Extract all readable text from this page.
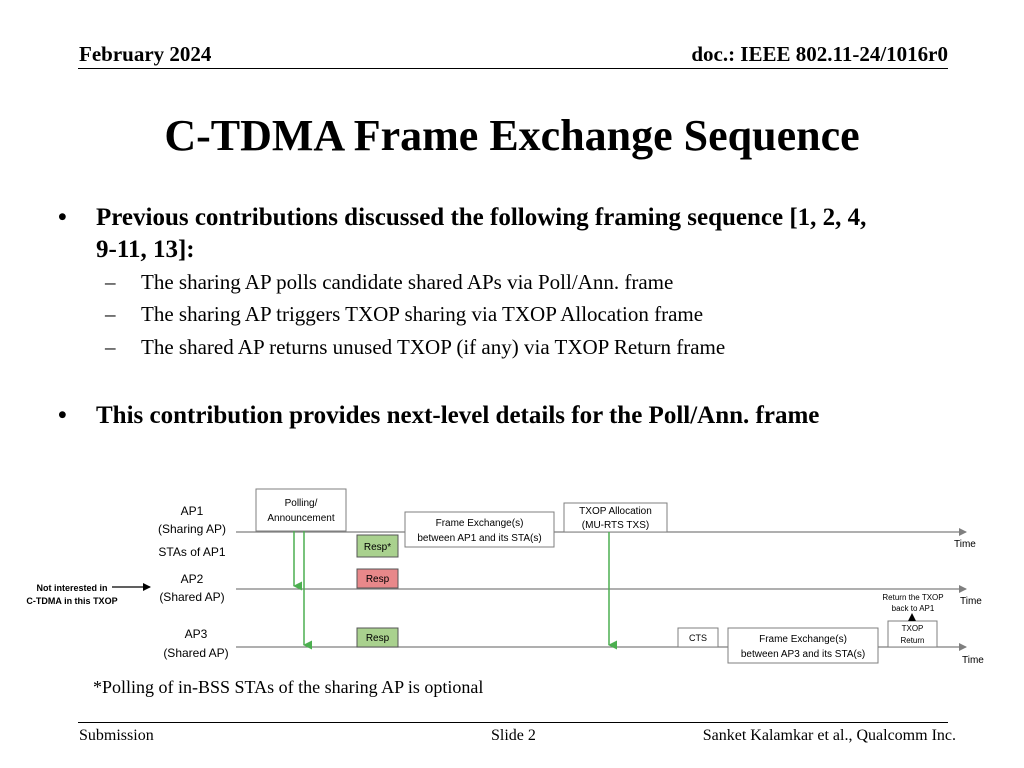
February 2024	doc.: IEEE 802.11-24/1016r0
C-TDMA Frame Exchange Sequence
• Previous contributions discussed the following framing sequence [1, 2, 4,
9-11, 13]:
– The sharing AP polls candidate shared APs via Poll/Ann. frame
– The sharing AP triggers TXOP sharing via TXOP Allocation frame
– The shared AP returns unused TXOP (if any) via TXOP Return frame
• This contribution provides next-level details for the Poll/Ann. frame
AP1
(Sharing AP)
STAs of AP1
AP2
(Shared AP)
AP3
(Shared AP)
Not interested in
C-TDMA in this TXOP
Polling/
Announcement
Resp*
Resp
Resp
Frame Exchange(s)
between AP1 and its STA(s)
TXOP Allocation
(MU-RTS TXS)
CTS	Frame Exchange(s)
between AP3 and its STA(s)
TXOP
Return
Return the TXOP
back to AP1
Time
Time
Time
*Polling of in-BSS STAs of the sharing AP is optional
Submission	Slide 2	Sanket Kalamkar et al., Qualcomm Inc.
